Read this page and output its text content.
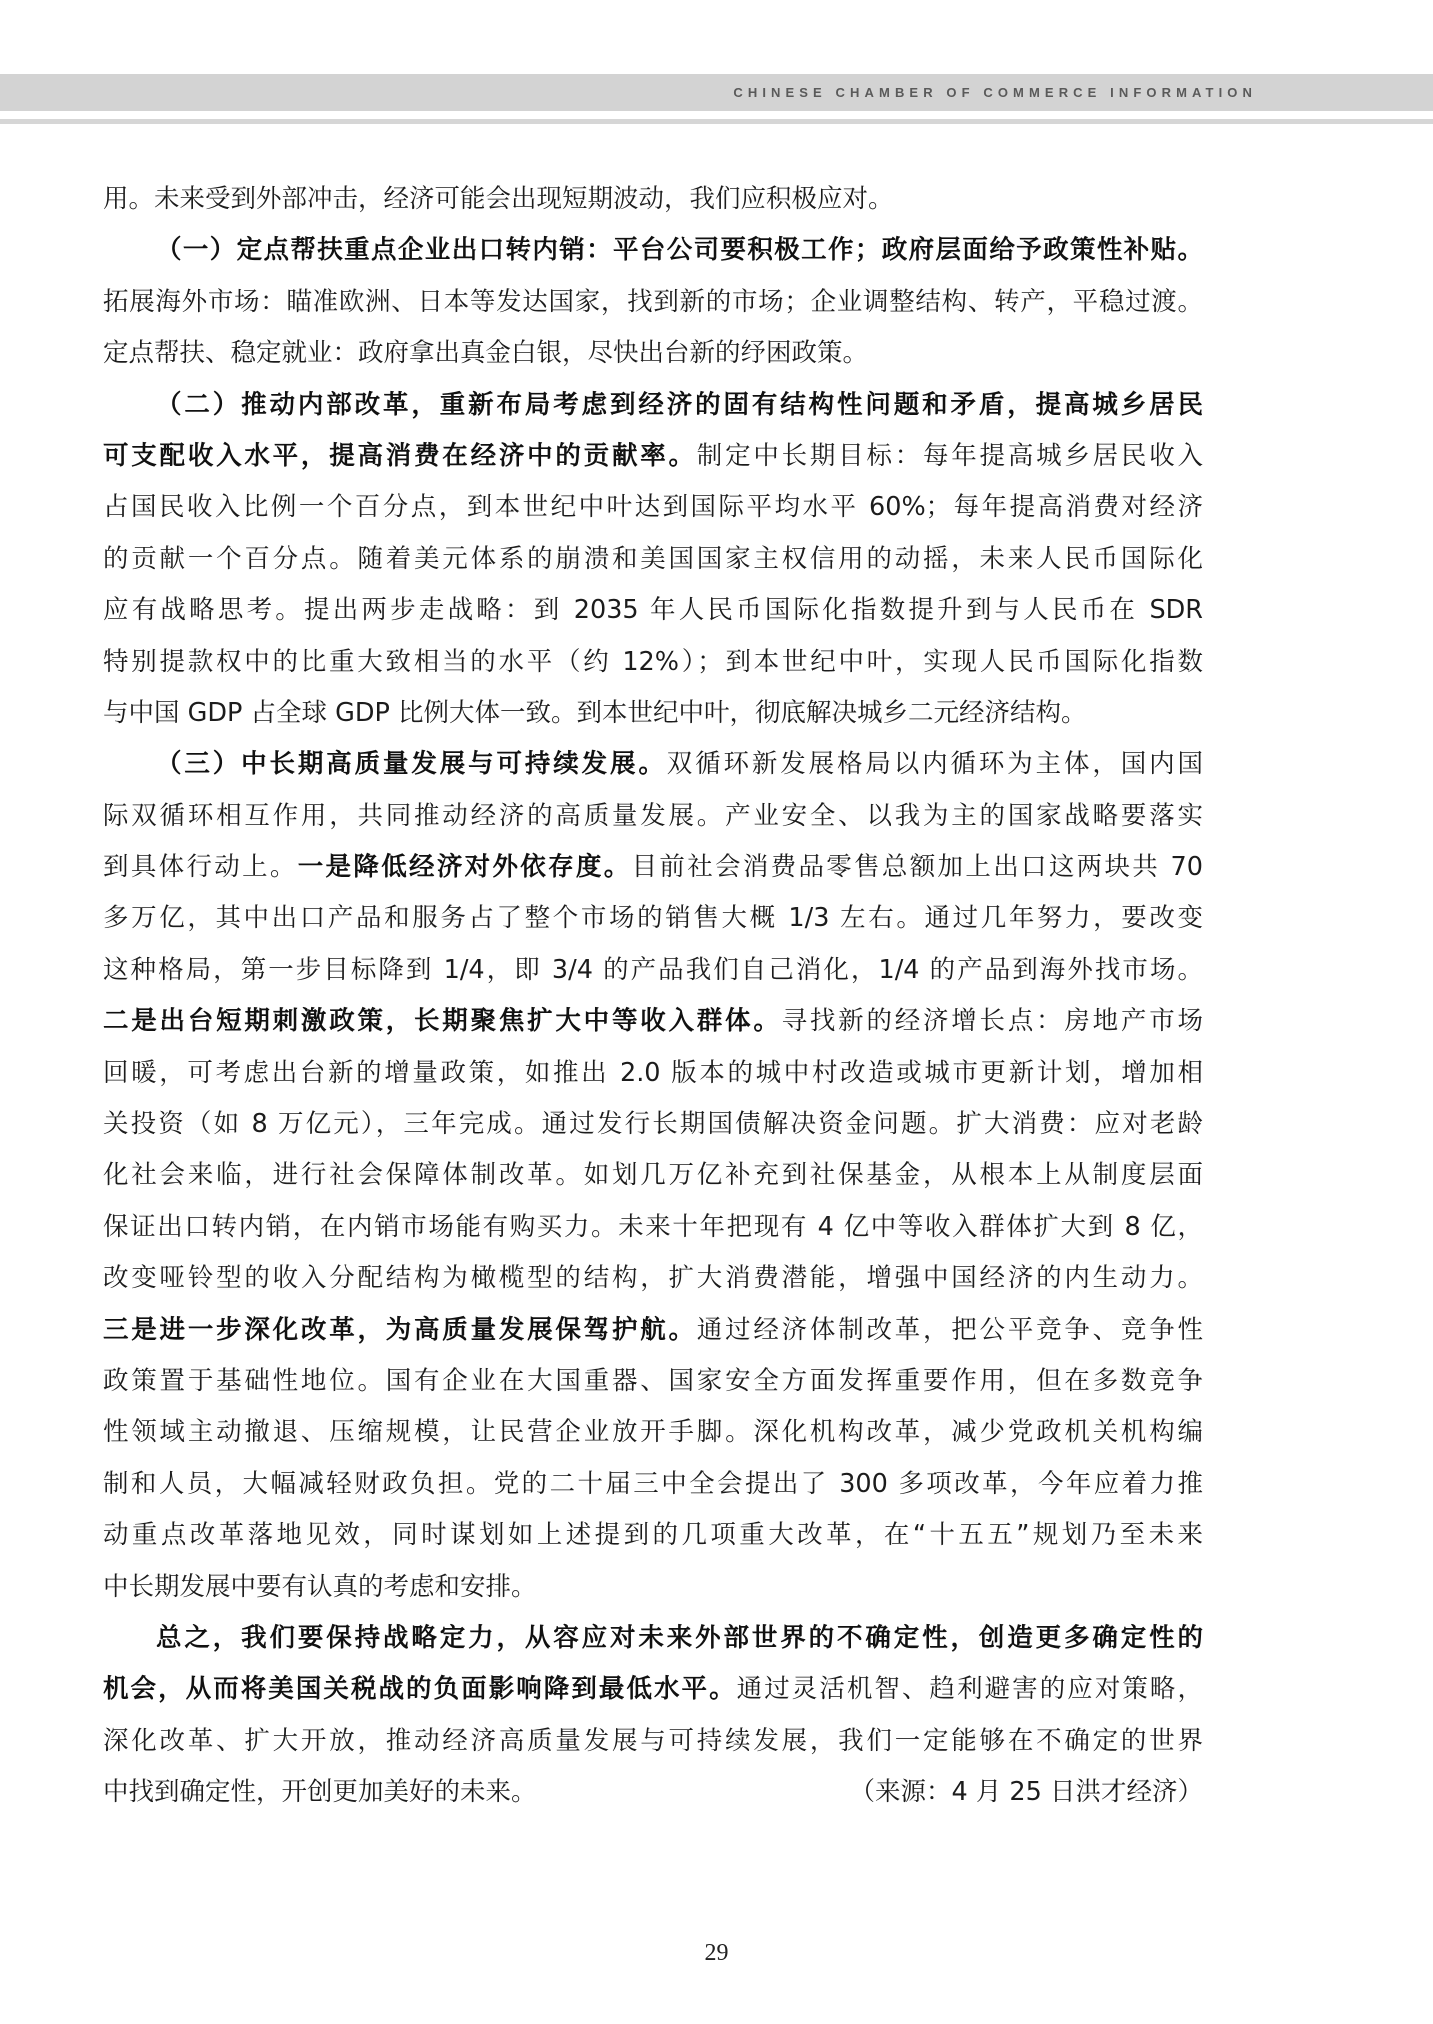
CHINESE CHAMBER OF COMMERCE INFORMATION
用。未来受到外部冲击，经济可能会出现短期波动，我们应积极应对。
（一）定点帮扶重点企业出口转内销：平台公司要积极工作；政府层面给予政策性补贴。
拓展海外市场：瞄准欧洲、日本等发达国家，找到新的市场；企业调整结构、转产，平稳过渡。
定点帮扶、稳定就业：政府拿出真金白银，尽快出台新的纾困政策。
（二）推动内部改革，重新布局考虑到经济的固有结构性问题和矛盾，提高城乡居民
可支配收入水平，提高消费在经济中的贡献率。制定中长期目标：每年提高城乡居民收入
占国民收入比例一个百分点，到本世纪中叶达到国际平均水平 60%；每年提高消费对经济
的贡献一个百分点。随着美元体系的崩溃和美国国家主权信用的动摇，未来人民币国际化
应有战略思考。提出两步走战略：到 2035 年人民币国际化指数提升到与人民币在 SDR
特别提款权中的比重大致相当的水平（约 12%）；到本世纪中叶，实现人民币国际化指数
与中国 GDP 占全球 GDP 比例大体一致。到本世纪中叶，彻底解决城乡二元经济结构。
（三）中长期高质量发展与可持续发展。双循环新发展格局以内循环为主体，国内国
际双循环相互作用，共同推动经济的高质量发展。产业安全、以我为主的国家战略要落实
到具体行动上。一是降低经济对外依存度。目前社会消费品零售总额加上出口这两块共 70
多万亿，其中出口产品和服务占了整个市场的销售大概 1/3 左右。通过几年努力，要改变
这种格局，第一步目标降到 1/4，即 3/4 的产品我们自己消化，1/4 的产品到海外找市场。
二是出台短期刺激政策，长期聚焦扩大中等收入群体。寻找新的经济增长点：房地产市场
回暖，可考虑出台新的增量政策，如推出 2.0 版本的城中村改造或城市更新计划，增加相
关投资（如 8 万亿元），三年完成。通过发行长期国债解决资金问题。扩大消费：应对老龄
化社会来临，进行社会保障体制改革。如划几万亿补充到社保基金，从根本上从制度层面
保证出口转内销，在内销市场能有购买力。未来十年把现有 4 亿中等收入群体扩大到 8 亿，
改变哑铃型的收入分配结构为橄榄型的结构，扩大消费潜能，增强中国经济的内生动力。
三是进一步深化改革，为高质量发展保驾护航。通过经济体制改革，把公平竞争、竞争性
政策置于基础性地位。国有企业在大国重器、国家安全方面发挥重要作用，但在多数竞争
性领域主动撤退、压缩规模，让民营企业放开手脚。深化机构改革，减少党政机关机构编
制和人员，大幅减轻财政负担。党的二十届三中全会提出了 300 多项改革，今年应着力推
动重点改革落地见效，同时谋划如上述提到的几项重大改革，在“十五五”规划乃至未来
中长期发展中要有认真的考虑和安排。
总之，我们要保持战略定力，从容应对未来外部世界的不确定性，创造更多确定性的
机会，从而将美国关税战的负面影响降到最低水平。通过灵活机智、趋利避害的应对策略，
深化改革、扩大开放，推动经济高质量发展与可持续发展，我们一定能够在不确定的世界
中找到确定性，开创更加美好的未来。	（来源：4 月 25 日洪才经济）
29
